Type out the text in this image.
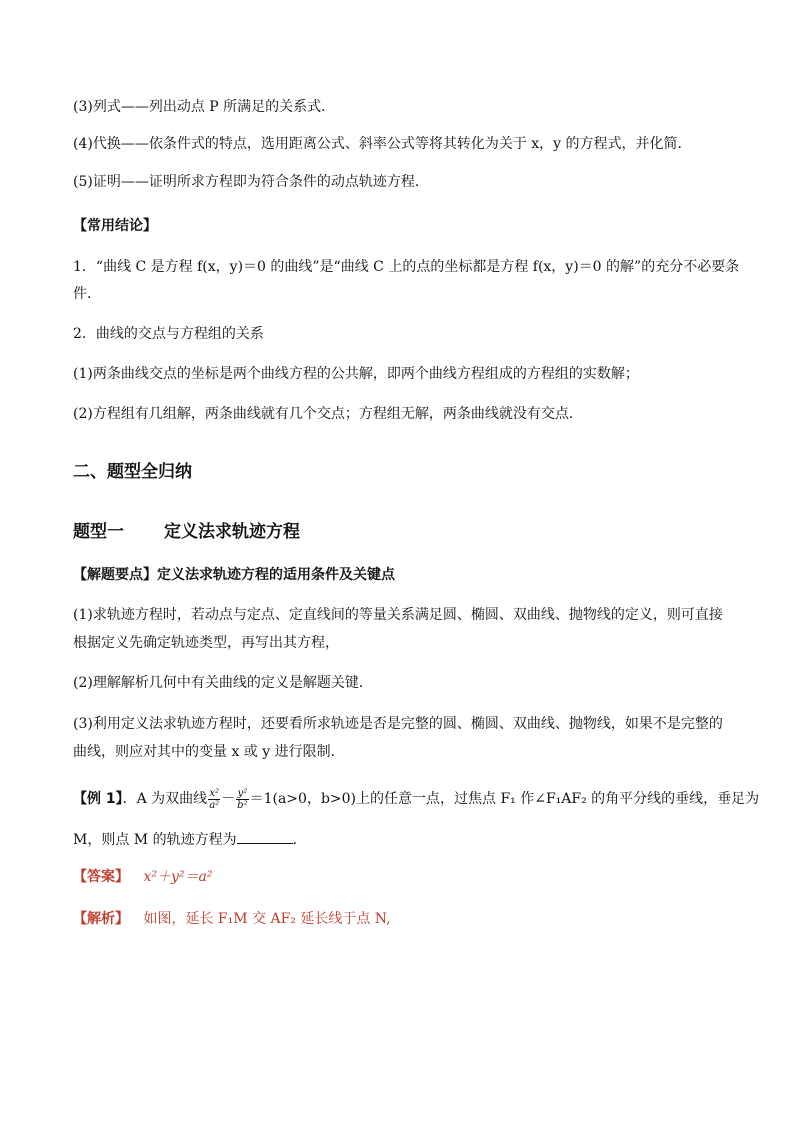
(3)列式——列出动点 P 所满足的关系式．
(4)代换——依条件式的特点，选用距离公式、斜率公式等将其转化为关于 x，y 的方程式，并化简．
(5)证明——证明所求方程即为符合条件的动点轨迹方程．
【常用结论】
1．“曲线 C 是方程 f(x，y)＝0 的曲线”是“曲线 C 上的点的坐标都是方程 f(x，y)＝0 的解”的充分不必要条
件．
2．曲线的交点与方程组的关系
(1)两条曲线交点的坐标是两个曲线方程的公共解，即两个曲线方程组成的方程组的实数解；
(2)方程组有几组解，两条曲线就有几个交点；方程组无解，两条曲线就没有交点．
二、题型全归纳
题型一 定义法求轨迹方程
【解题要点】定义法求轨迹方程的适用条件及关键点
(1)求轨迹方程时，若动点与定点、定直线间的等量关系满足圆、椭圆、双曲线、抛物线的定义，则可直接
根据定义先确定轨迹类型，再写出其方程，
(2)理解解析几何中有关曲线的定义是解题关键．
(3)利用定义法求轨迹方程时，还要看所求轨迹是否是完整的圆、椭圆、双曲线、抛物线，如果不是完整的
曲线，则应对其中的变量 x 或 y 进行限制．
【例 1】．A 为双曲线 $\frac{\text{x²}}{\text{a²}} - \frac{\text{y²}}{\text{b²}} =1(a>0$，b>0)上的任意一点，过焦点 F₁ 作∠F₁AF₂ 的角平分线的垂线，垂足为
M，则点 M 的轨迹方程为	．
【答案】 x²＋y²＝a²
【解析】 如图，延长 F₁M 交 AF₂ 延长线于点 N,
